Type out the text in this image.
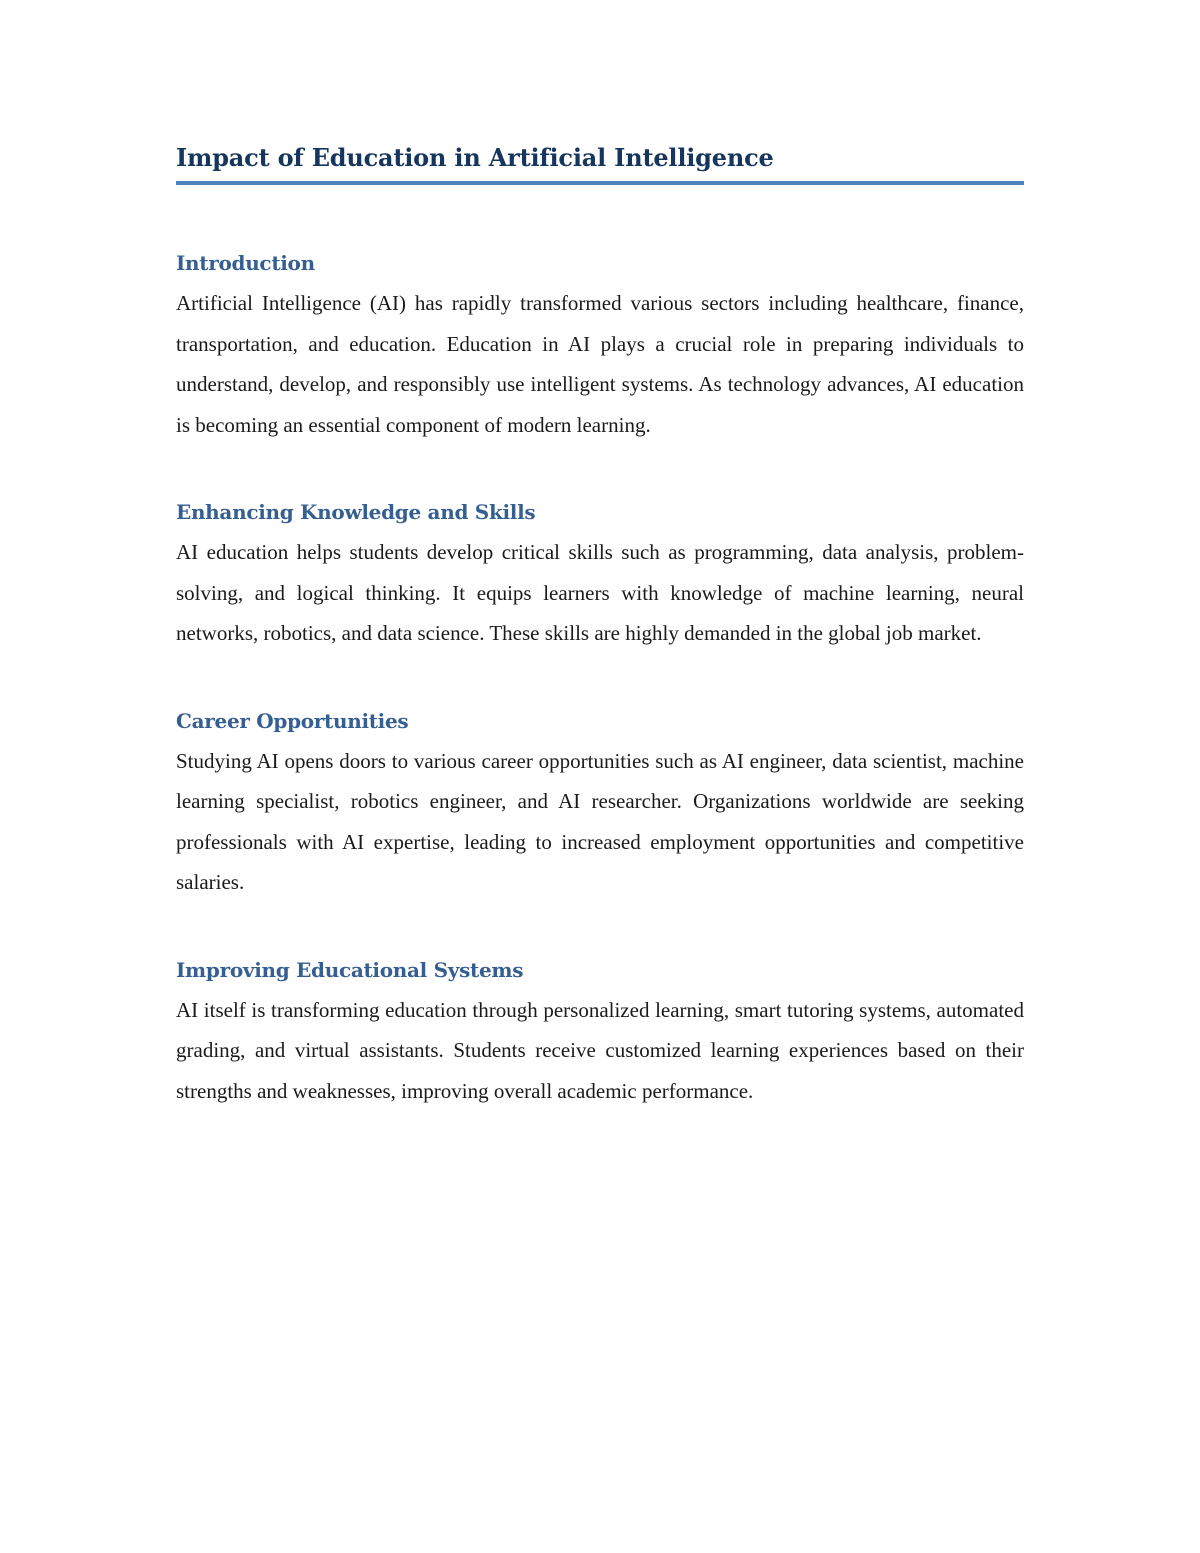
Impact of Education in Artificial Intelligence
Introduction

Artificial Intelligence (AI) has rapidly transformed various sectors including healthcare, finance, transportation, and education. Education in AI plays a crucial role in preparing individuals to understand, develop, and responsibly use intelligent systems. As technology advances, AI education is becoming an essential component of modern learning.

Enhancing Knowledge and Skills

AI education helps students develop critical skills such as programming, data analysis, problem-solving, and logical thinking. It equips learners with knowledge of machine learning, neural networks, robotics, and data science. These skills are highly demanded in the global job market.

Career Opportunities

Studying AI opens doors to various career opportunities such as AI engineer, data scientist, machine learning specialist, robotics engineer, and AI researcher. Organizations worldwide are seeking professionals with AI expertise, leading to increased employment opportunities and competitive salaries.

Improving Educational Systems

AI itself is transforming education through personalized learning, smart tutoring systems, automated grading, and virtual assistants. Students receive customized learning experiences based on their strengths and weaknesses, improving overall academic performance.
